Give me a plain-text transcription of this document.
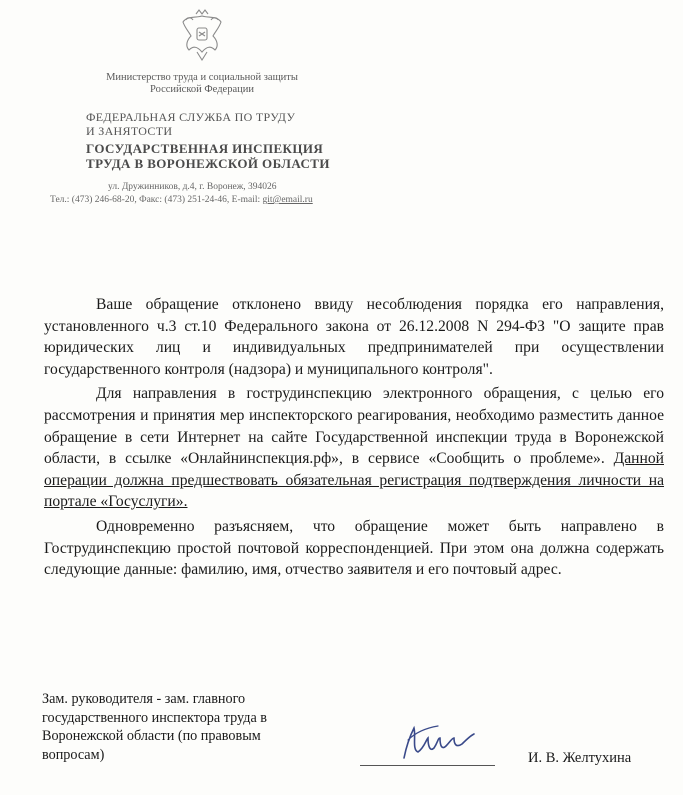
Министерство труда и социальной защиты
Российской Федерации
ФЕДЕРАЛЬНАЯ СЛУЖБА ПО ТРУДУ
И ЗАНЯТОСТИ
ГОСУДАРСТВЕННАЯ ИНСПЕКЦИЯ
ТРУДА В ВОРОНЕЖСКОЙ ОБЛАСТИ
ул. Дружинников, д.4, г. Воронеж, 394026
Тел.: (473) 246-68-20, Факс: (473) 251-24-46, E-mail: git@email.ru

Ваше обращение отклонено ввиду несоблюдения порядка его направления, установленного ч.3 ст.10 Федерального закона от 26.12.2008 N 294-ФЗ "О защите прав юридических лиц и индивидуальных предпринимателей при осуществлении государственного контроля (надзора) и муниципального контроля".

Для направления в гострудинспекцию электронного обращения, с целью его рассмотрения и принятия мер инспекторского реагирования, необходимо разместить данное обращение в сети Интернет на сайте Государственной инспекции труда в Воронежской области, в ссылке «Онлайнинспекция.рф», в сервисе «Сообщить о проблеме». Данной операции должна предшествовать обязательная регистрация подтверждения личности на портале «Госуслуги».

Одновременно разъясняем, что обращение может быть направлено в Гострудинспекцию простой почтовой корреспонденцией. При этом она должна содержать следующие данные: фамилию, имя, отчество заявителя и его почтовый адрес.

Зам. руководителя - зам. главного
государственного инспектора труда в
Воронежской области (по правовым
вопросам)	И. В. Желтухина
